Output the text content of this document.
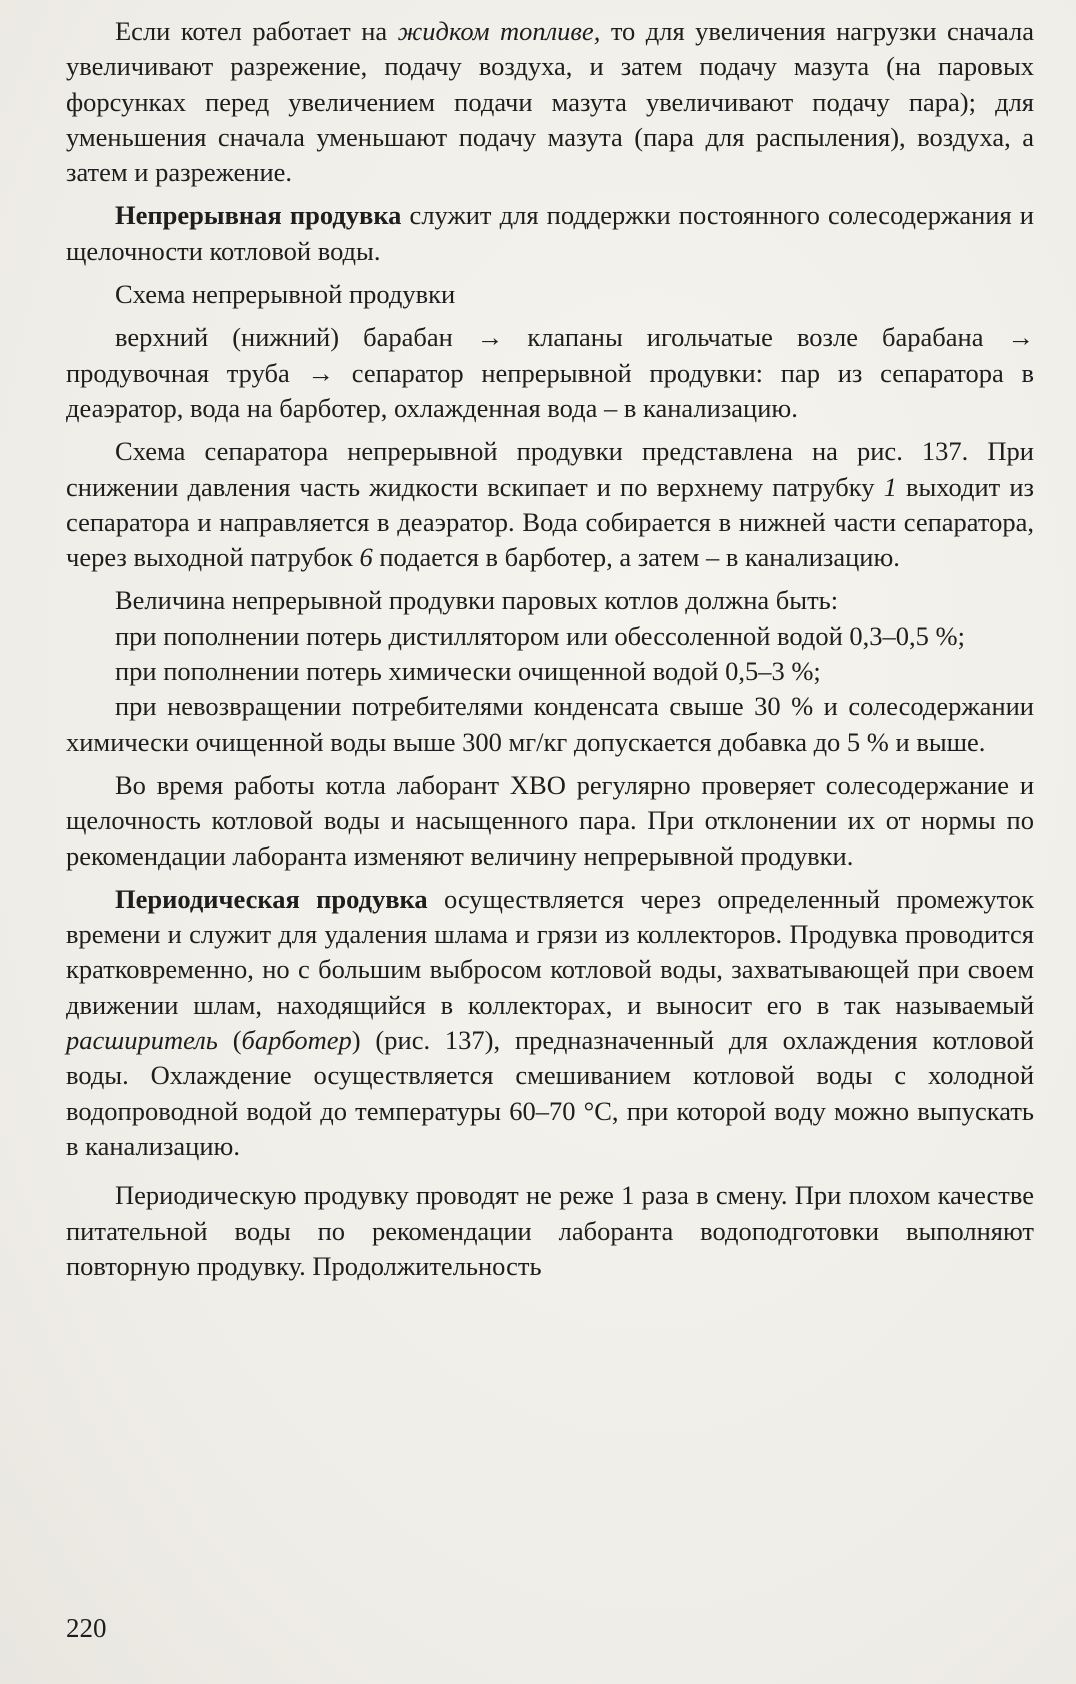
Если котел работает на жидком топливе, то для увеличения нагрузки сначала увеличивают разрежение, подачу воздуха, и затем подачу мазута (на паровых форсунках перед увеличением подачи мазута увеличивают подачу пара); для уменьшения сначала уменьшают подачу мазута (пара для распыления), воздуха, а затем и разрежение.

Непрерывная продувка служит для поддержки постоянного солесодержания и щелочности котловой воды.

Схема непрерывной продувки

верхний (нижний) барабан → клапаны игольчатые возле барабана → продувочная труба → сепаратор непрерывной продувки: пар из сепаратора в деаэратор, вода на барботер, охлажденная вода – в канализацию.

Схема сепаратора непрерывной продувки представлена на рис. 137. При снижении давления часть жидкости вскипает и по верхнему патрубку 1 выходит из сепаратора и направляется в деаэратор. Вода собирается в нижней части сепаратора, через выходной патрубок 6 подается в барботер, а затем – в канализацию.

Величина непрерывной продувки паровых котлов должна быть:

при пополнении потерь дистиллятором или обессоленной водой 0,3–0,5 %;

при пополнении потерь химически очищенной водой 0,5–3 %;

при невозвращении потребителями конденсата свыше 30 % и солесодержании химически очищенной воды выше 300 мг/кг допускается добавка до 5 % и выше.

Во время работы котла лаборант ХВО регулярно проверяет солесодержание и щелочность котловой воды и насыщенного пара. При отклонении их от нормы по рекомендации лаборанта изменяют величину непрерывной продувки.

Периодическая продувка осуществляется через определенный промежуток времени и служит для удаления шлама и грязи из коллекторов. Продувка проводится кратковременно, но с большим выбросом котловой воды, захватывающей при своем движении шлам, находящийся в коллекторах, и выносит его в так называемый расширитель (барботер) (рис. 137), предназначенный для охлаждения котловой воды. Охлаждение осуществляется смешиванием котловой воды с холодной водопроводной водой до температуры 60–70 °С, при которой воду можно выпускать в канализацию.

Периодическую продувку проводят не реже 1 раза в смену. При плохом качестве питательной воды по рекомендации лаборанта водоподготовки выполняют повторную продувку. Продолжительность

220
